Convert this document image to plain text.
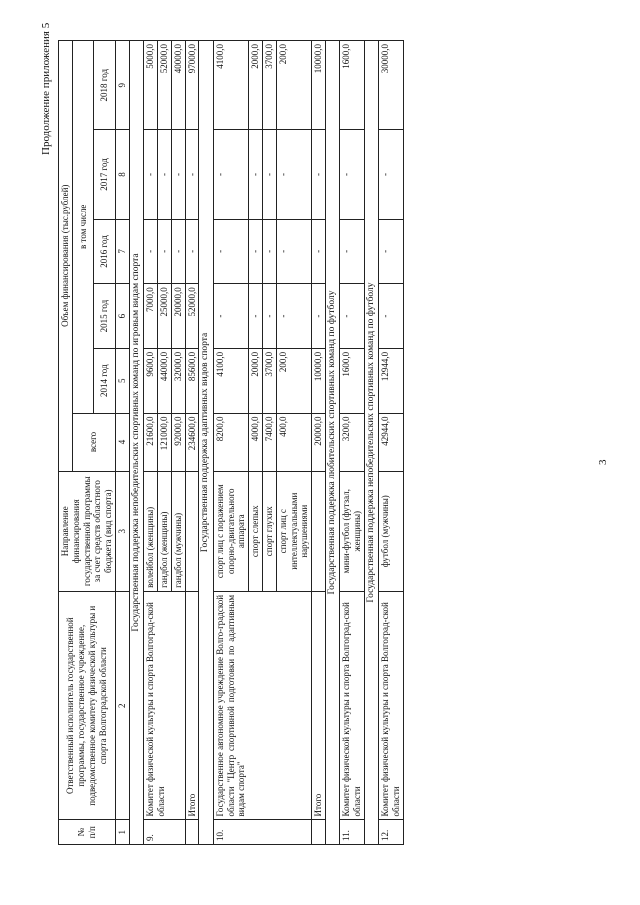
3
Продолжение приложения 5
№ п/п	Ответственный исполнитель государственной программы, государственное учреждение, подведомственное комитету физической культуры и спорта Волгоградской области	Направление финансирования государственной программы за счет средств областного бюджета (вид спорта)	Объем финансирования (тыс.рублей)					
			всего	в том числе				
				2014 год	2015 год	2016 год	2017 год	2018 год

1	2	3	4	5	6	7	8	9
Государственная поддержка непобедительских спортивных команд по игровым видам спорта								
9.	Комитет физической культуры и спорта Волгоград-ской области	волейбол (женщины)	21600,0	9600,0	7000,0	-	-	5000,0
		гандбол (женщины)	121000,0	44000,0	25000,0	-	-	52000,0
		гандбол (мужчины)	92000,0	32000,0	20000,0	-	-	40000,0
	Итого		234600,0	85600,0	52000,0	-	-	97000,0
Государственная поддержка адаптивных видов спорта								
10.	Государственное автономное учреждение Волго-градской области "Центр спортивной подготовки по адаптивным видам спорта"	спорт лиц с поражением опорно-двигательного аппарата	8200,0	4100,0	-	-	-	4100,0
		спорт слепых	4000,0	2000,0	-	-	-	2000,0
		спорт глухих	7400,0	3700,0	-	-	-	3700,0
		спорт лиц с интеллектуальными нарушениями	400,0	200,0	-	-	-	200,0
	Итого		20000,0	10000,0	-	-	-	10000,0
Государственная поддержка любительских спортивных команд по футболу								
11.	Комитет физической культуры и спорта Волгоград-ской области	мини-футбол (футзал, женщины)	3200,0	1600,0	-	-	-	1600,0
Государственная поддержка непобедительских спортивных команд по футболу								
12.	Комитет физической культуры и спорта Волгоград-ской области	футбол (мужчины)	42944,0	12944,0	-	-	-	30000,0
